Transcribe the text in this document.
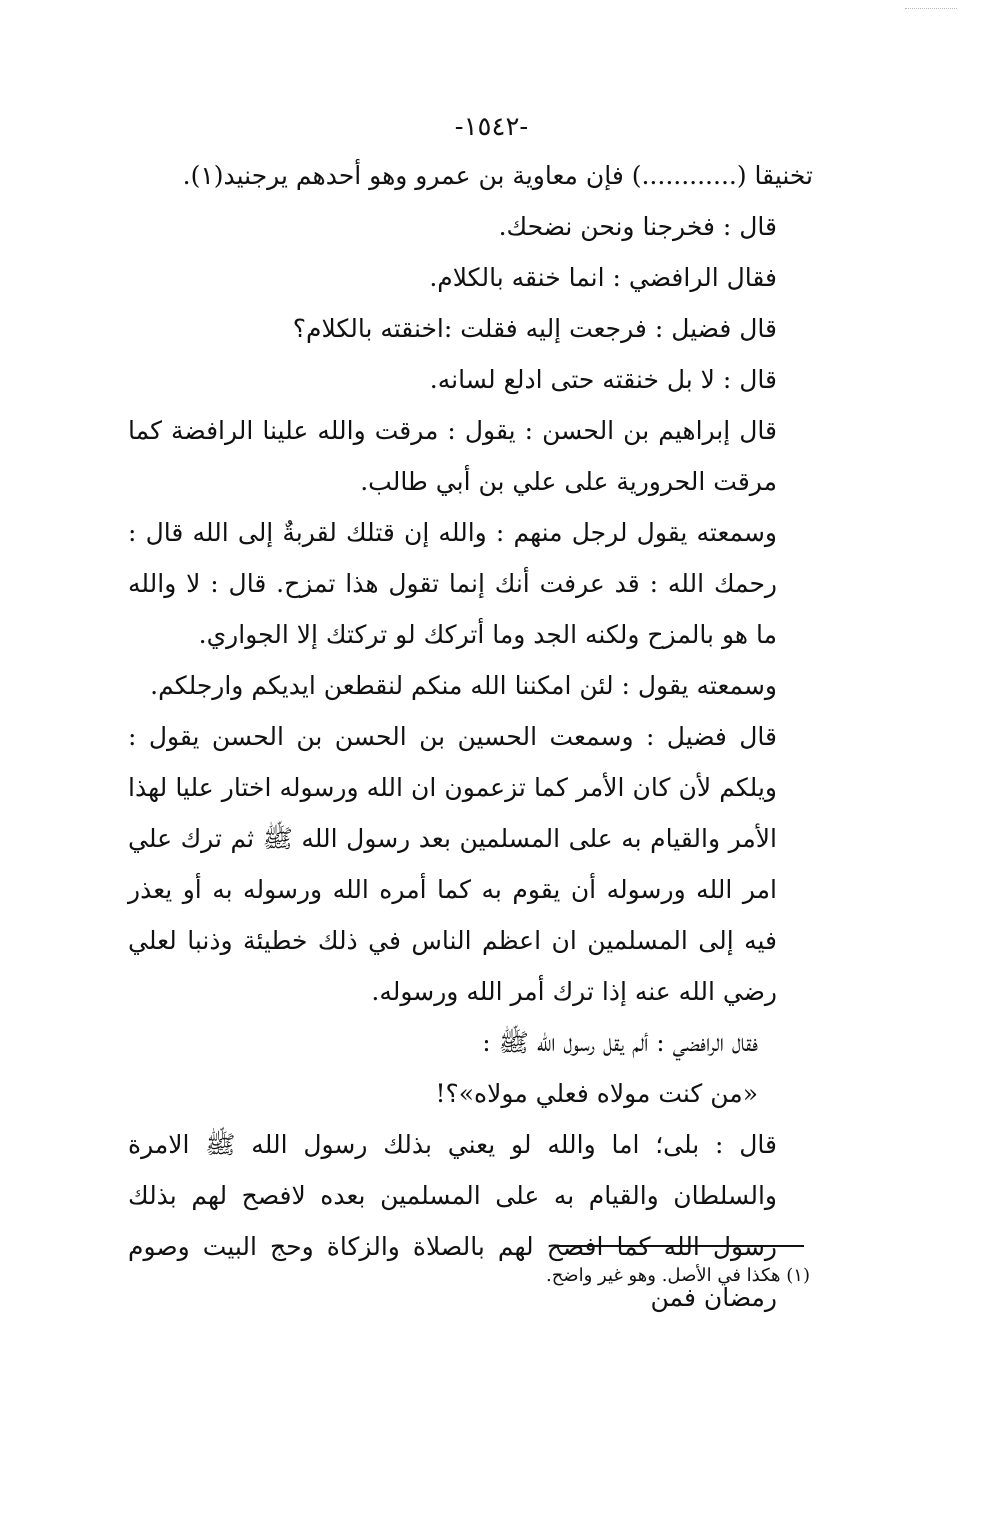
-١٥٤٢-

تخنيقا (............) فإن معاوية بن عمرو وهو أحدهم يرجنيد(١).

قال : فخرجنا ونحن نضحك.

فقال الرافضي : انما خنقه بالكلام.

قال فضيل : فرجعت إليه فقلت :اخنقته بالكلام؟

قال : لا بل خنقته حتى ادلع لسانه.

قال إبراهيم بن الحسن : يقول : مرقت والله علينا الرافضة كما مرقت الحرورية على علي بن أبي طالب.

وسمعته يقول لرجل منهم : والله إن قتلك لقربةٌ إلى الله قال : رحمك الله : قد عرفت أنك إنما تقول هذا تمزح. قال : لا والله ما هو بالمزح ولكنه الجد وما أتركك لو تركتك إلا الجواري.

وسمعته يقول : لئن امكننا الله منكم لنقطعن ايديكم وارجلكم.

قال فضيل : وسمعت الحسين بن الحسن بن الحسن يقول : ويلكم لأن كان الأمر كما تزعمون ان الله ورسوله اختار عليا لهذا الأمر والقيام به على المسلمين بعد رسول الله ﷺ ثم ترك علي امر الله ورسوله أن يقوم به كما أمره الله ورسوله به أو يعذر فيه إلى المسلمين ان اعظم الناس في ذلك خطيئة وذنبا لعلي رضي الله عنه إذا ترك أمر الله ورسوله.

فقال الرافضي : ألم يقل رسول الله ﷺ :

«من كنت مولاه فعلي مولاه»؟!

قال : بلى؛ اما والله لو يعني بذلك رسول الله ﷺ الامرة والسلطان والقيام به على المسلمين بعده لافصح لهم بذلك رسول الله كما افصح لهم بالصلاة والزكاة وحج البيت وصوم رمضان فمن

(١) هكذا في الأصل. وهو غير واضح.
